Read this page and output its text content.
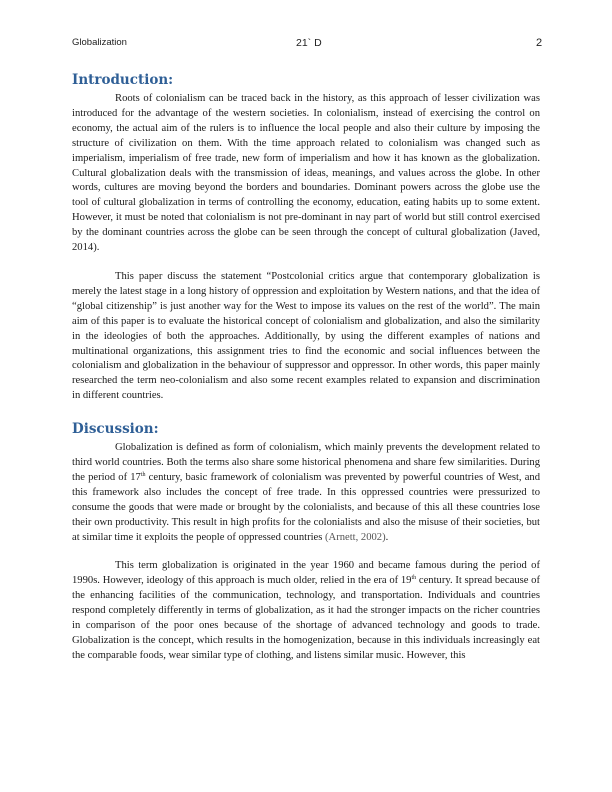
Globalization	21` D	2
Introduction:

Roots of colonialism can be traced back in the history, as this approach of lesser civilization was introduced for the advantage of the western societies. In colonialism, instead of exercising the control on economy, the actual aim of the rulers is to influence the local people and also their culture by imposing the structure of civilization on them. With the time approach related to colonialism was changed such as imperialism, imperialism of free trade, new form of imperialism and how it has known as the globalization. Cultural globalization deals with the transmission of ideas, meanings, and values across the globe. In other words, cultures are moving beyond the borders and boundaries. Dominant powers across the globe use the tool of cultural globalization in terms of controlling the economy, education, eating habits up to some extent. However, it must be noted that colonialism is not pre-dominant in nay part of world but still control exercised by the dominant countries across the globe can be seen through the concept of cultural globalization (Javed, 2014).

This paper discuss the statement “Postcolonial critics argue that contemporary globalization is merely the latest stage in a long history of oppression and exploitation by Western nations, and that the idea of “global citizenship” is just another way for the West to impose its values on the rest of the world”. The main aim of this paper is to evaluate the historical concept of colonialism and globalization, and also the similarity in the ideologies of both the approaches. Additionally, by using the different examples of nations and multinational organizations, this assignment tries to find the economic and social influences between the colonialism and globalization in the behaviour of suppressor and oppressor. In other words, this paper mainly researched the term neo-colonialism and also some recent examples related to expansion and discrimination in different countries.

Discussion:

Globalization is defined as form of colonialism, which mainly prevents the development related to third world countries. Both the terms also share some historical phenomena and share few similarities. During the period of 17th century, basic framework of colonialism was prevented by powerful countries of West, and this framework also includes the concept of free trade. In this oppressed countries were pressurized to consume the goods that were made or brought by the colonialists, and because of this all these countries lose their own productivity. This result in high profits for the colonialists and also the misuse of their societies, but at similar time it exploits the people of oppressed countries (Arnett, 2002).

This term globalization is originated in the year 1960 and became famous during the period of 1990s. However, ideology of this approach is much older, relied in the era of 19th century. It spread because of the enhancing facilities of the communication, technology, and transportation. Individuals and countries respond completely differently in terms of globalization, as it had the stronger impacts on the richer countries in comparison of the poor ones because of the shortage of advanced technology and goods to trade. Globalization is the concept, which results in the homogenization, because in this individuals increasingly eat the comparable foods, wear similar type of clothing, and listens similar music. However, this
